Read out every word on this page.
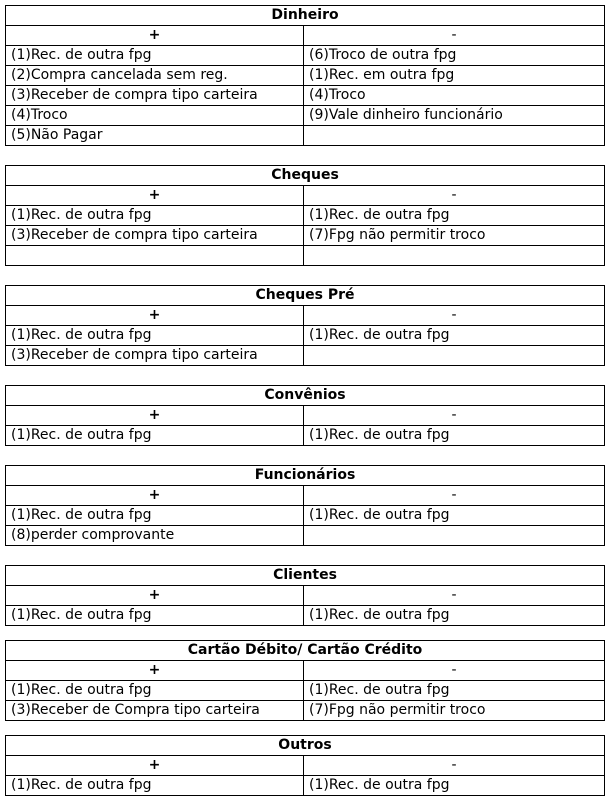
Dinheiro	
+	-
(1)Rec. de outra fpg	(6)Troco de outra fpg
(2)Compra cancelada sem reg.	(1)Rec. em outra fpg
(3)Receber de compra tipo carteira	(4)Troco
(4)Troco	(9)Vale dinheiro funcionário
(5)Não Pagar	
Cheques	
+	-
(1)Rec. de outra fpg	(1)Rec. de outra fpg
(3)Receber de compra tipo carteira	(7)Fpg não permitir troco

Cheques Pré	
+	-
(1)Rec. de outra fpg	(1)Rec. de outra fpg
(3)Receber de compra tipo carteira	
Convênios	
+	-
(1)Rec. de outra fpg	(1)Rec. de outra fpg
Funcionários	
+	-
(1)Rec. de outra fpg	(1)Rec. de outra fpg
(8)perder comprovante	
Clientes	
+	-
(1)Rec. de outra fpg	(1)Rec. de outra fpg
Cartão Débito/ Cartão Crédito	
+	-
(1)Rec. de outra fpg	(1)Rec. de outra fpg
(3)Receber de Compra tipo carteira	(7)Fpg não permitir troco
Outros	
+	-
(1)Rec. de outra fpg	(1)Rec. de outra fpg
